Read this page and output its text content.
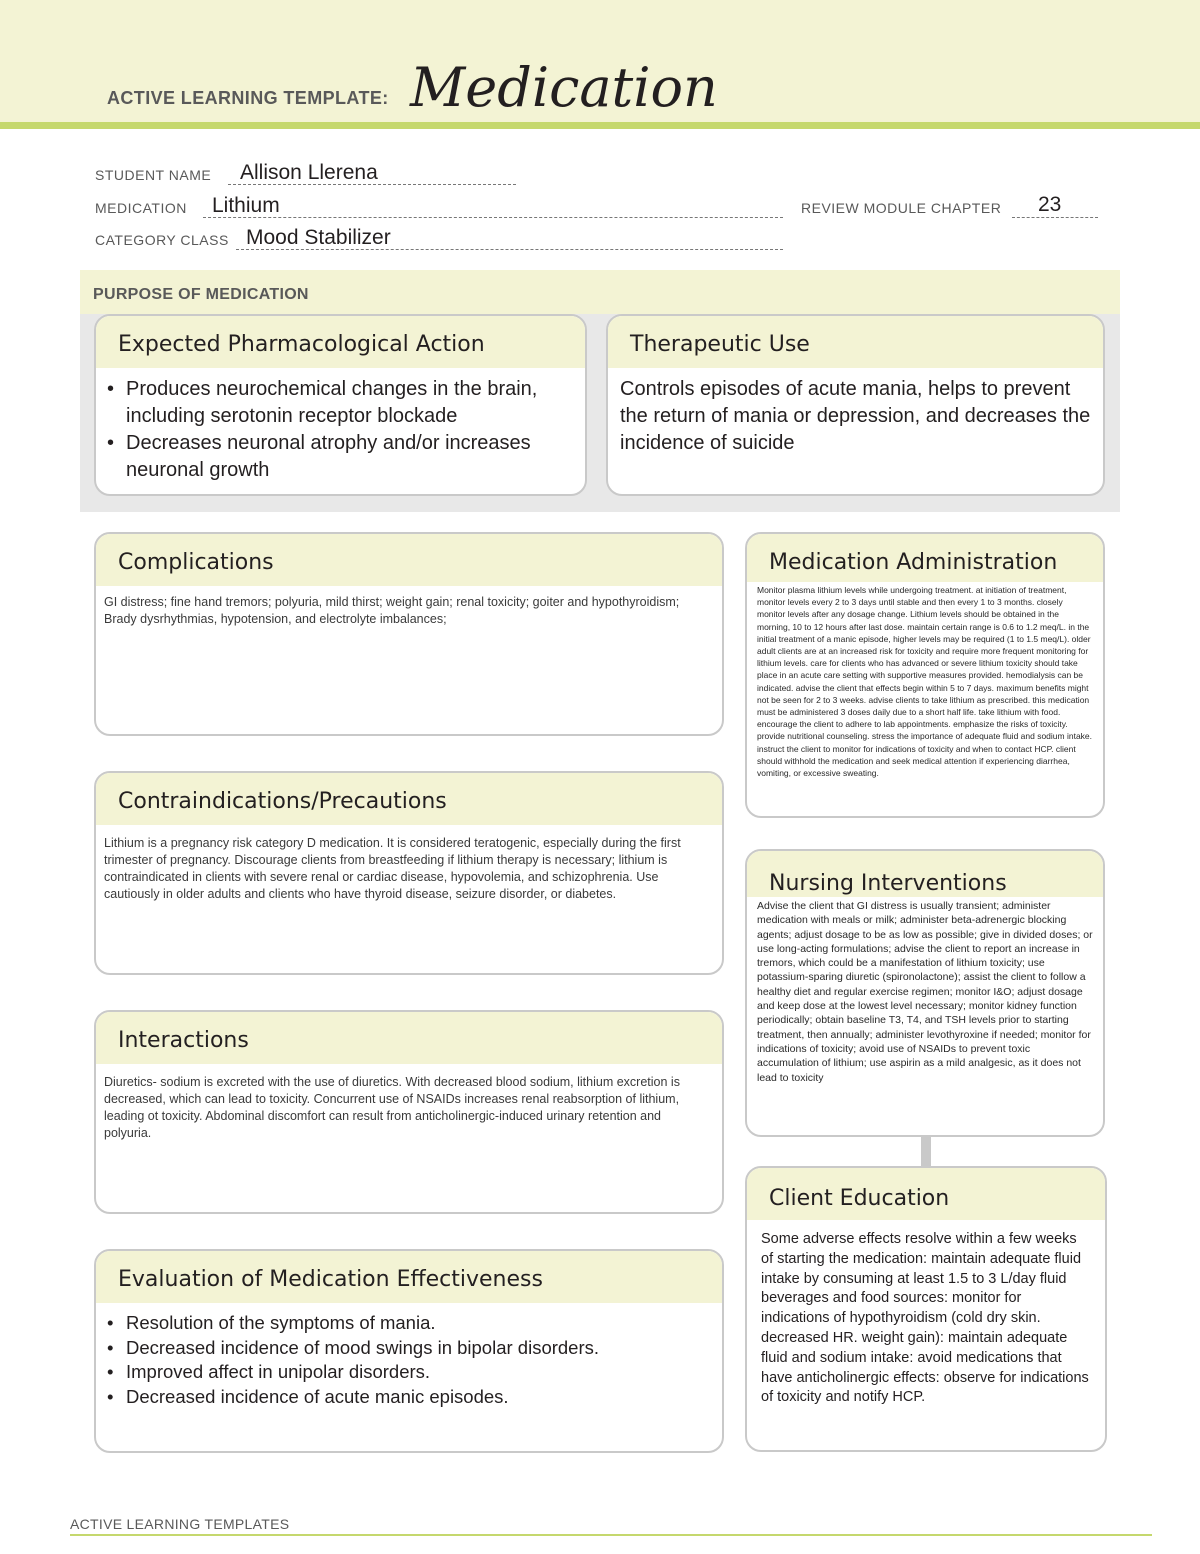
ACTIVE LEARNING TEMPLATE: Medication
STUDENT NAME Allison Llerena
MEDICATION Lithium	REVIEW MODULE CHAPTER 23
CATEGORY CLASS Mood Stabilizer
PURPOSE OF MEDICATION
Expected Pharmacological Action
• Produces neurochemical changes in the brain, including serotonin receptor blockade
• Decreases neuronal atrophy and/or increases neuronal growth
Therapeutic Use
Controls episodes of acute mania, helps to prevent the return of mania or depression, and decreases the incidence of suicide
Complications
GI distress; fine hand tremors; polyuria, mild thirst; weight gain; renal toxicity; goiter and hypothyroidism; Brady dysrhythmias, hypotension, and electrolyte imbalances;
Contraindications/Precautions
Lithium is a pregnancy risk category D medication. It is considered teratogenic, especially during the first trimester of pregnancy. Discourage clients from breastfeeding if lithium therapy is necessary; lithium is contraindicated in clients with severe renal or cardiac disease, hypovolemia, and schizophrenia. Use cautiously in older adults and clients who have thyroid disease, seizure disorder, or diabetes.
Interactions
Diuretics- sodium is excreted with the use of diuretics. With decreased blood sodium, lithium excretion is decreased, which can lead to toxicity. Concurrent use of NSAIDs increases renal reabsorption of lithium, leading ot toxicity. Abdominal discomfort can result from anticholinergic-induced urinary retention and polyuria.
Evaluation of Medication Effectiveness
• Resolution of the symptoms of mania.
• Decreased incidence of mood swings in bipolar disorders.
• Improved affect in unipolar disorders.
• Decreased incidence of acute manic episodes.
Medication Administration
Monitor plasma lithium levels while undergoing treatment. at initiation of treatment, monitor levels every 2 to 3 days until stable and then every 1 to 3 months. closely monitor levels after any dosage change. Lithium levels should be obtained in the morning, 10 to 12 hours after last dose. maintain certain range is 0.6 to 1.2 meq/L. in the initial treatment of a manic episode, higher levels may be required (1 to 1.5 meq/L). older adult clients are at an increased risk for toxicity and require more frequent monitoring for lithium levels. care for clients who has advanced or severe lithium toxicity should take place in an acute care setting with supportive measures provided. hemodialysis can be indicated. advise the client that effects begin within 5 to 7 days. maximum benefits might not be seen for 2 to 3 weeks. advise clients to take lithium as prescribed. this medication must be administered 3 doses daily due to a short half life. take lithium with food. encourage the client to adhere to lab appointments. emphasize the risks of toxicity. provide nutritional counseling. stress the importance of adequate fluid and sodium intake. instruct the client to monitor for indications of toxicity and when to contact HCP. client should withhold the medication and seek medical attention if experiencing diarrhea, vomiting, or excessive sweating.
Nursing Interventions
Advise the client that GI distress is usually transient; administer medication with meals or milk; administer beta-adrenergic blocking agents; adjust dosage to be as low as possible; give in divided doses; or use long-acting formulations; advise the client to report an increase in tremors, which could be a manifestation of lithium toxicity; use potassium-sparing diuretic (spironolactone); assist the client to follow a healthy diet and regular exercise regimen; monitor I&O; adjust dosage and keep dose at the lowest level necessary; monitor kidney function periodically; obtain baseline T3, T4, and TSH levels prior to starting treatment, then annually; administer levothyroxine if needed; monitor for indications of toxicity; avoid use of NSAIDs to prevent toxic accumulation of lithium; use aspirin as a mild analgesic, as it does not lead to toxicity
Client Education
Some adverse effects resolve within a few weeks of starting the medication: maintain adequate fluid intake by consuming at least 1.5 to 3 L/day fluid beverages and food sources: monitor for indications of hypothyroidism (cold dry skin. decreased HR. weight gain): maintain adequate fluid and sodium intake: avoid medications that have anticholinergic effects: observe for indications of toxicity and notify HCP.
ACTIVE LEARNING TEMPLATES
